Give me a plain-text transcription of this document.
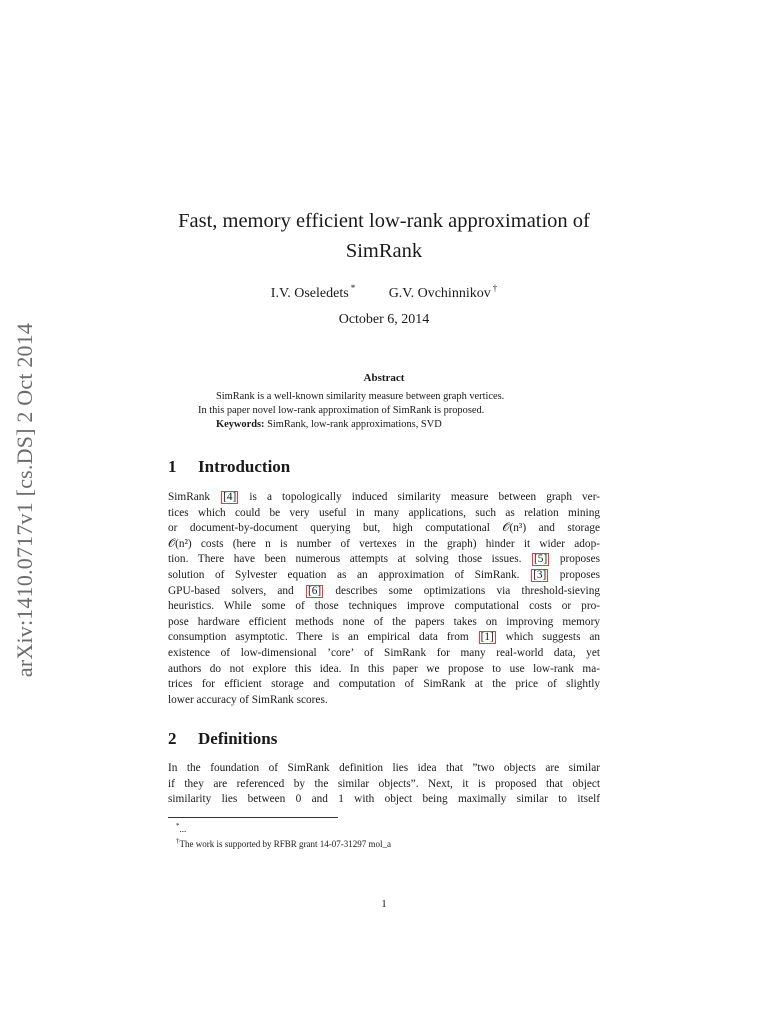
arXiv:1410.0717v1 [cs.DS] 2 Oct 2014
Fast, memory efficient low-rank approximation of
SimRank
I.V. Oseledets * G.V. Ovchinnikov †
October 6, 2014
Abstract

SimRank is a well-known similarity measure between graph vertices.

In this paper novel low-rank approximation of SimRank is proposed.

Keywords: SimRank, low-rank approximations, SVD

1 Introduction
SimRank [4] is a topologically induced similarity measure between graph ver-
tices which could be very useful in many applications, such as relation mining
or document-by-document querying but, high computational 𝒪(n³) and storage
𝒪(n²) costs (here n is number of vertexes in the graph) hinder it wider adop-
tion. There have been numerous attempts at solving those issues. [5] proposes
solution of Sylvester equation as an approximation of SimRank. [3] proposes
GPU-based solvers, and [6] describes some optimizations via threshold-sieving
heuristics. While some of those techniques improve computational costs or pro-
pose hardware efficient methods none of the papers takes on improving memory
consumption asymptotic. There is an empirical data from [1] which suggests an
existence of low-dimensional ’core’ of SimRank for many real-world data, yet
authors do not explore this idea. In this paper we propose to use low-rank ma-
trices for efficient storage and computation of SimRank at the price of slightly
lower accuracy of SimRank scores.
2 Definitions
In the foundation of SimRank definition lies idea that ”two objects are similar
if they are referenced by the similar objects”. Next, it is proposed that object
similarity lies between 0 and 1 with object being maximally similar to itself

*...

†The work is supported by RFBR grant 14-07-31297 mol_a

1
